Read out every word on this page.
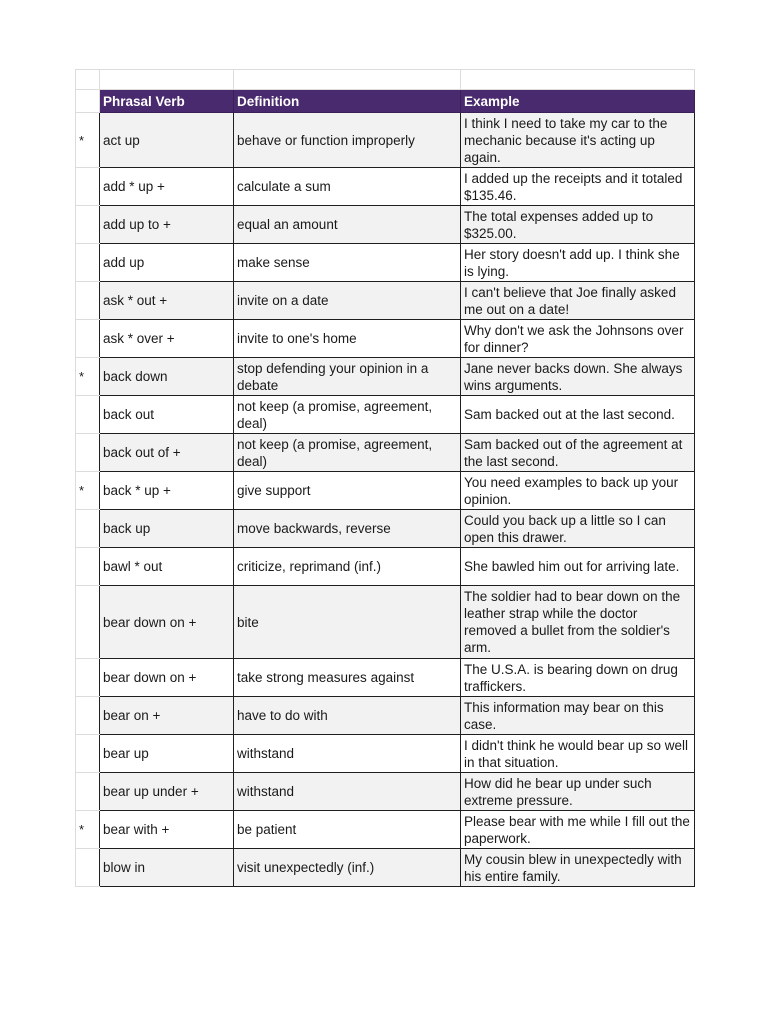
	Phrasal Verb	Definition	Example
*	act up	behave or function improperly	I think I need to take my car to the mechanic because it's acting up again.
	add * up +	calculate a sum	I added up the receipts and it totaled $135.46.
	add up to +	equal an amount	The total expenses added up to $325.00.
	add up	make sense	Her story doesn't add up. I think she is lying.
	ask * out +	invite on a date	I can't believe that Joe finally asked me out on a date!
	ask * over +	invite to one's home	Why don't we ask the Johnsons over for dinner?
*	back down	stop defending your opinion in a debate	Jane never backs down. She always wins arguments.
	back out	not keep (a promise, agreement, deal)	Sam backed out at the last second.
	back out of +	not keep (a promise, agreement, deal)	Sam backed out of the agreement at the last second.
*	back * up +	give support	You need examples to back up your opinion.
	back up	move backwards, reverse	Could you back up a little so I can open this drawer.
	bawl * out	criticize, reprimand (inf.)	She bawled him out for arriving late.
	bear down on +	bite	The soldier had to bear down on the leather strap while the doctor removed a bullet from the soldier's arm.
	bear down on +	take strong measures against	The U.S.A. is bearing down on drug traffickers.
	bear on +	have to do with	This information may bear on this case.
	bear up	withstand	I didn't think he would bear up so well in that situation.
	bear up under +	withstand	How did he bear up under such extreme pressure.
*	bear with +	be patient	Please bear with me while I fill out the paperwork.
	blow in	visit unexpectedly (inf.)	My cousin blew in unexpectedly with his entire family.
